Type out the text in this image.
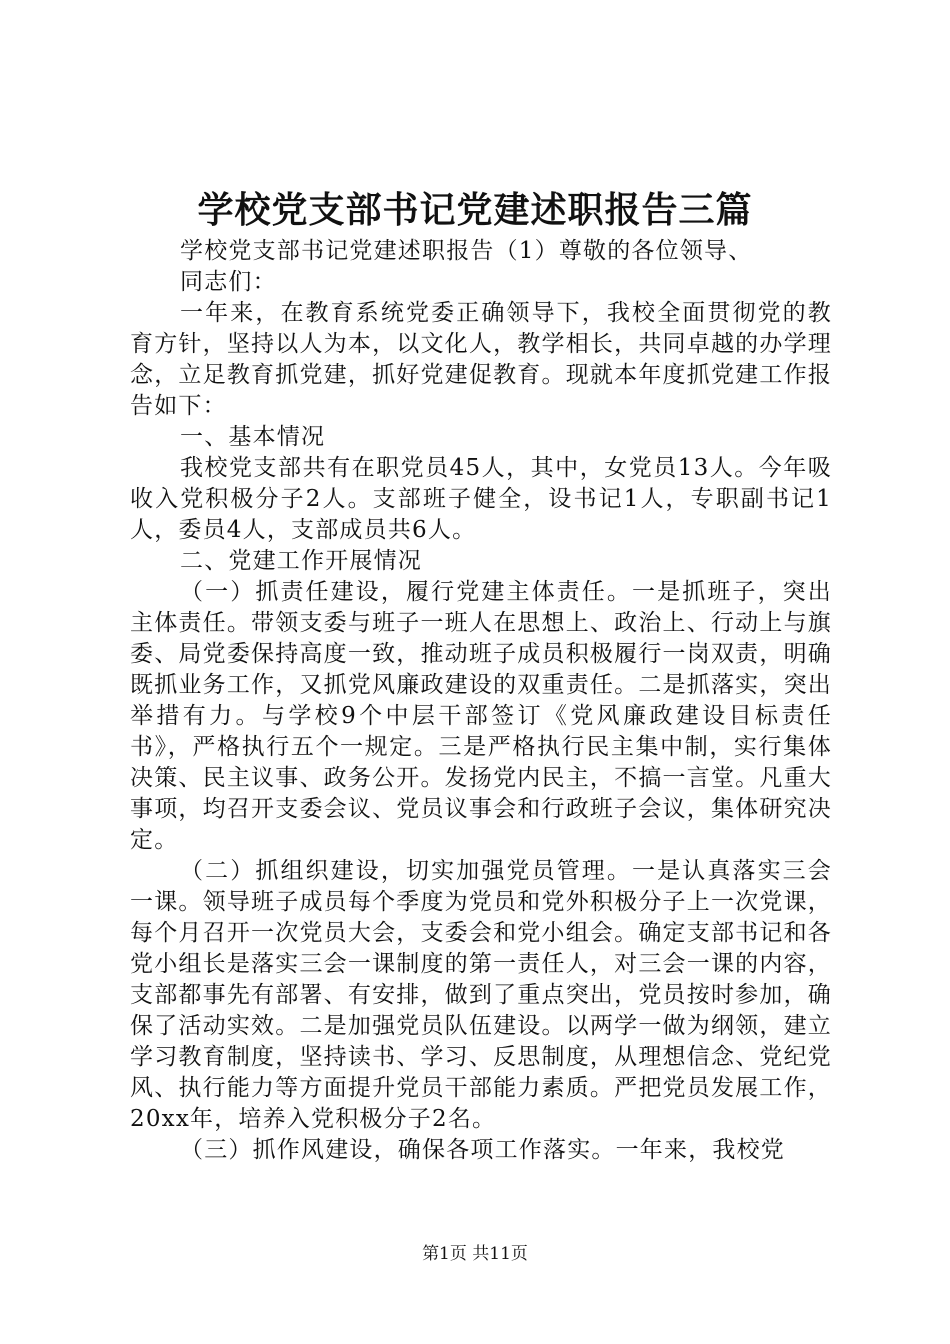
学校党支部书记党建述职报告三篇

学校党支部书记党建述职报告（1）尊敬的各位领导、

同志们：

一年来，在教育系统党委正确领导下，我校全面贯彻党的教育方针，坚持以人为本，以文化人，教学相长，共同卓越的办学理念，立足教育抓党建，抓好党建促教育。现就本年度抓党建工作报告如下：

一、基本情况

我校党支部共有在职党员45人，其中，女党员13人。今年吸收入党积极分子2人。支部班子健全，设书记1人，专职副书记1人，委员4人，支部成员共6人。

二、党建工作开展情况

（一）抓责任建设，履行党建主体责任。一是抓班子，突出主体责任。带领支委与班子一班人在思想上、政治上、行动上与旗委、局党委保持高度一致，推动班子成员积极履行一岗双责，明确既抓业务工作，又抓党风廉政建设的双重责任。二是抓落实，突出举措有力。与学校9个中层干部签订《党风廉政建设目标责任书》，严格执行五个一规定。三是严格执行民主集中制，实行集体决策、民主议事、政务公开。发扬党内民主，不搞一言堂。凡重大事项，均召开支委会议、党员议事会和行政班子会议，集体研究决定。

（二）抓组织建设，切实加强党员管理。一是认真落实三会一课。领导班子成员每个季度为党员和党外积极分子上一次党课，每个月召开一次党员大会，支委会和党小组会。确定支部书记和各党小组长是落实三会一课制度的第一责任人，对三会一课的内容，支部都事先有部署、有安排，做到了重点突出，党员按时参加，确保了活动实效。二是加强党员队伍建设。以两学一做为纲领，建立学习教育制度，坚持读书、学习、反思制度，从理想信念、党纪党风、执行能力等方面提升党员干部能力素质。严把党员发展工作，20xx年，培养入党积极分子2名。

（三）抓作风建设，确保各项工作落实。一年来，我校党

第1页 共11页
